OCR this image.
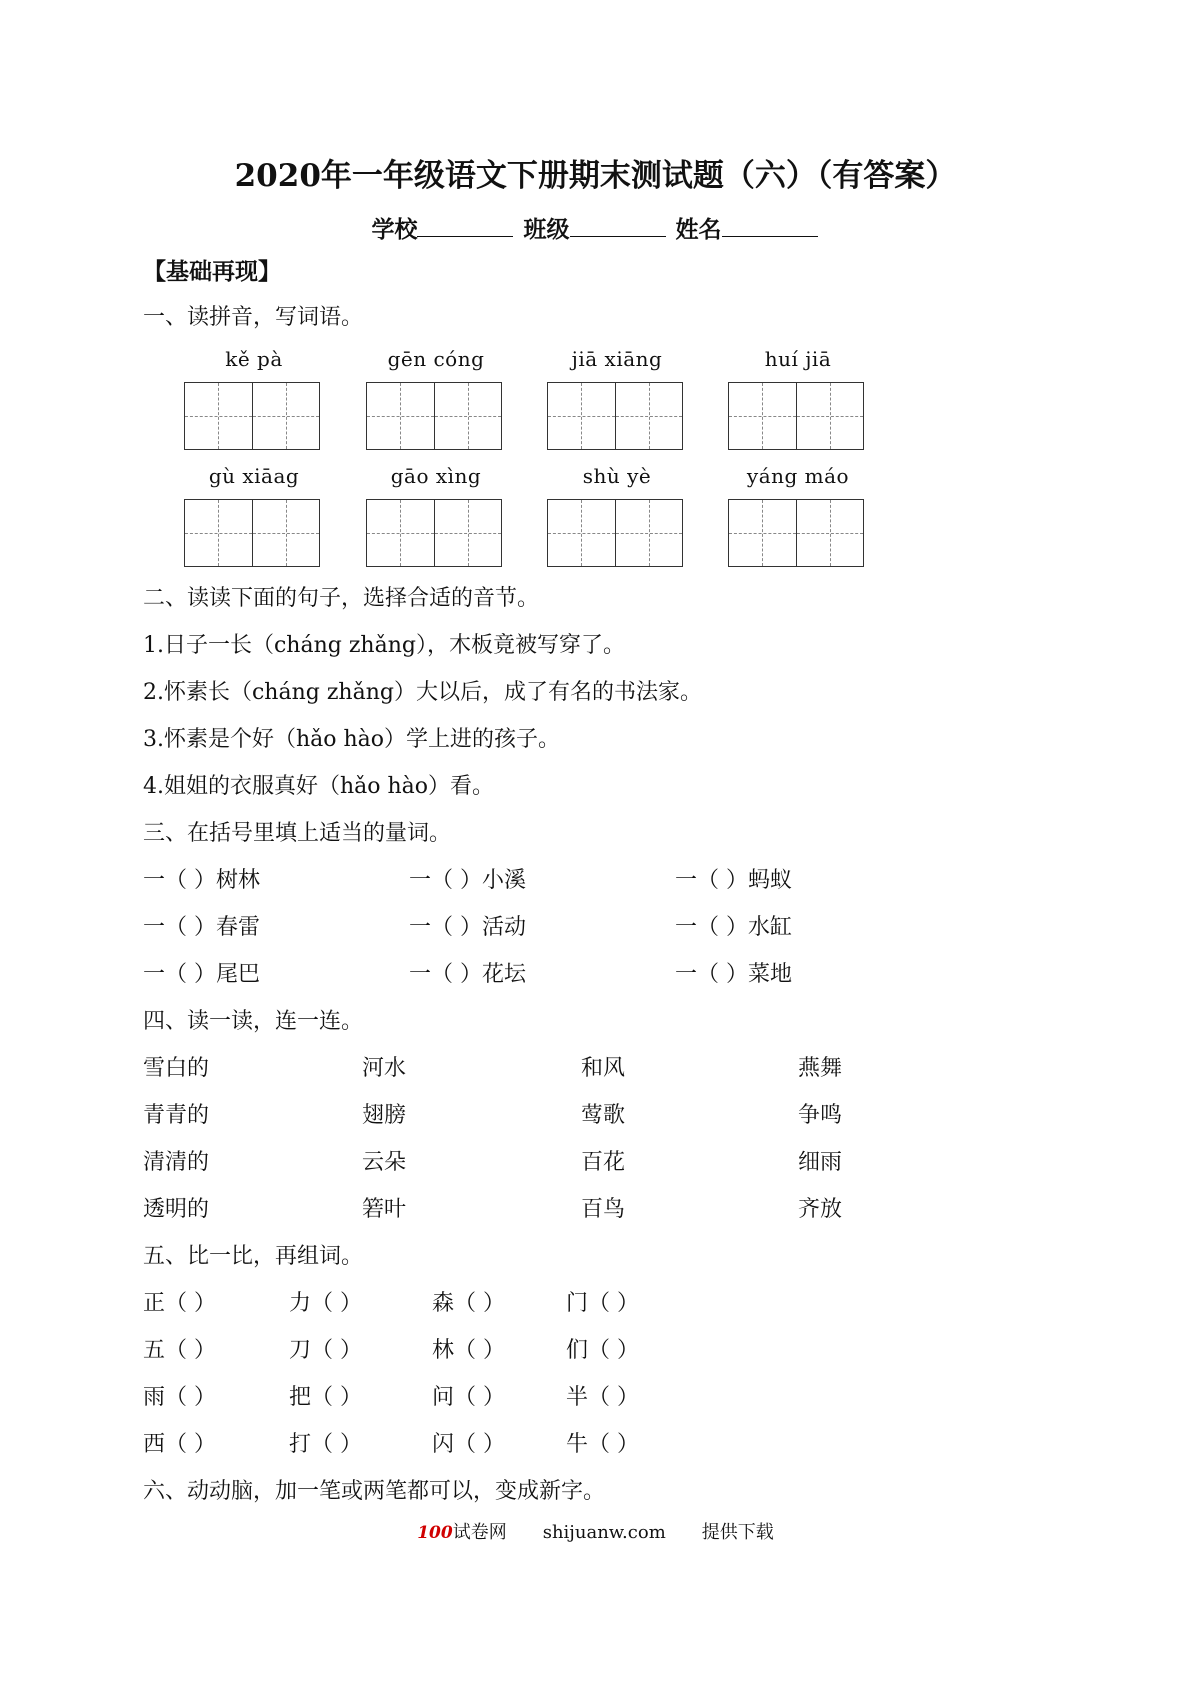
2020年一年级语文下册期末测试题（六）（有答案）
学校	班级	姓名
【基础再现】
一、读拼音，写词语。
kě pà	gēn cóng	jiā xiāng	huí jiā
gù xiāag	gāo xìng	shù yè	yáng máo
二、读读下面的句子，选择合适的音节。
1.日子一长（cháng zhǎng），木板竟被写穿了。
2.怀素长（cháng zhǎng）大以后，成了有名的书法家。
3.怀素是个好（hǎo hào）学上进的孩子。
4.姐姐的衣服真好（hǎo hào）看。
三、在括号里填上适当的量词。
一（ ）树林	一（ ）小溪	一（ ）蚂蚁
一（ ）春雷	一（ ）活动	一（ ）水缸
一（ ）尾巴	一（ ）花坛	一（ ）菜地
四、读一读，连一连。
雪白的	河水	和风	燕舞
青青的	翅膀	莺歌	争鸣
清清的	云朵	百花	细雨
透明的	箬叶	百鸟	齐放
五、比一比，再组词。
正（ ）	力（ ）	森（ ）	门（ ）
五（ ）	刀（ ）	林（ ）	们（ ）
雨（ ）	把（ ）	问（ ）	半（ ）
西（ ）	打（ ）	闪（ ）	牛（ ）
六、动动脑，加一笔或两笔都可以，变成新字。
100试卷网 shijuanw.com 提供下载
